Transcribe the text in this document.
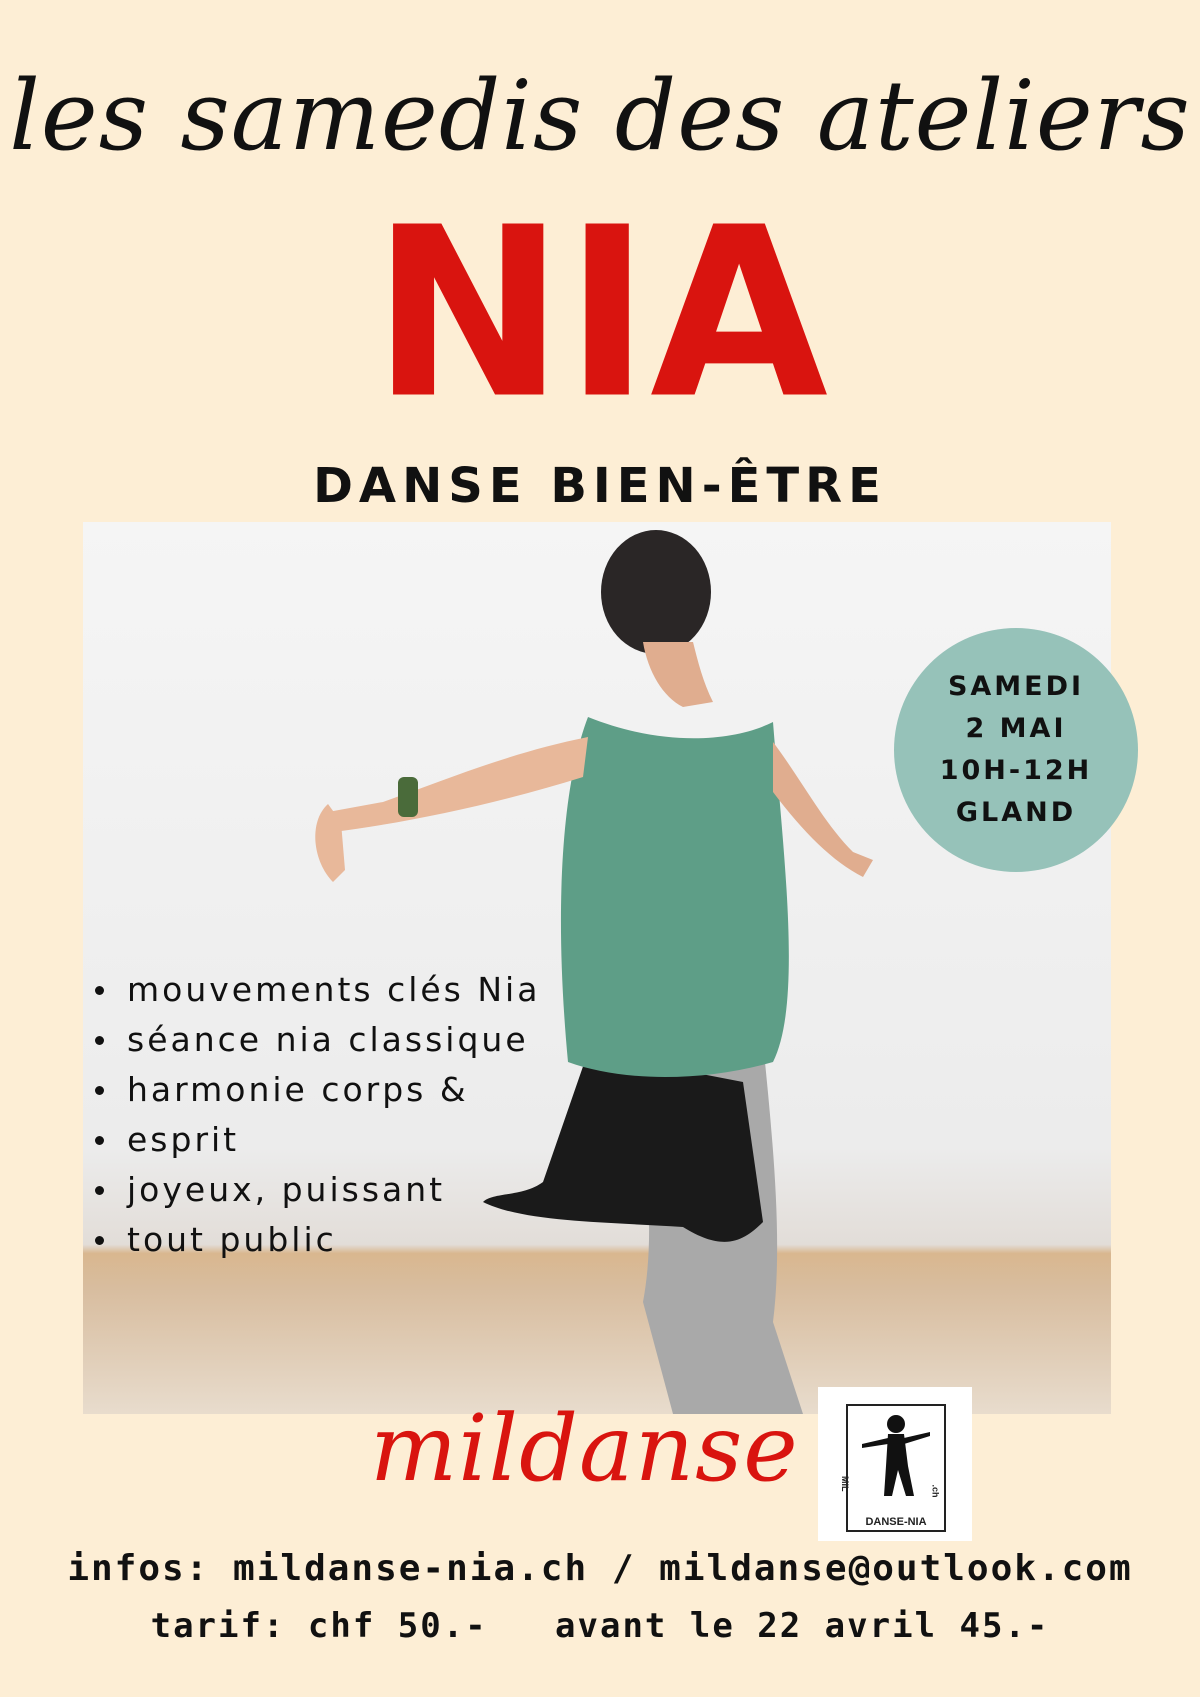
les samedis des ateliers
NIA
DANSE BIEN-ÊTRE
SAMEDI
2 MAI
10H-12H
GLAND
mouvements clés Nia
séance nia classique
harmonie corps &
esprit
joyeux, puissant
tout public
mildanse	MIL	.ch
DANSE-NIA
infos: mildanse-nia.ch / mildanse@outlook.com
tarif: chf 50.-   avant le 22 avril 45.-
